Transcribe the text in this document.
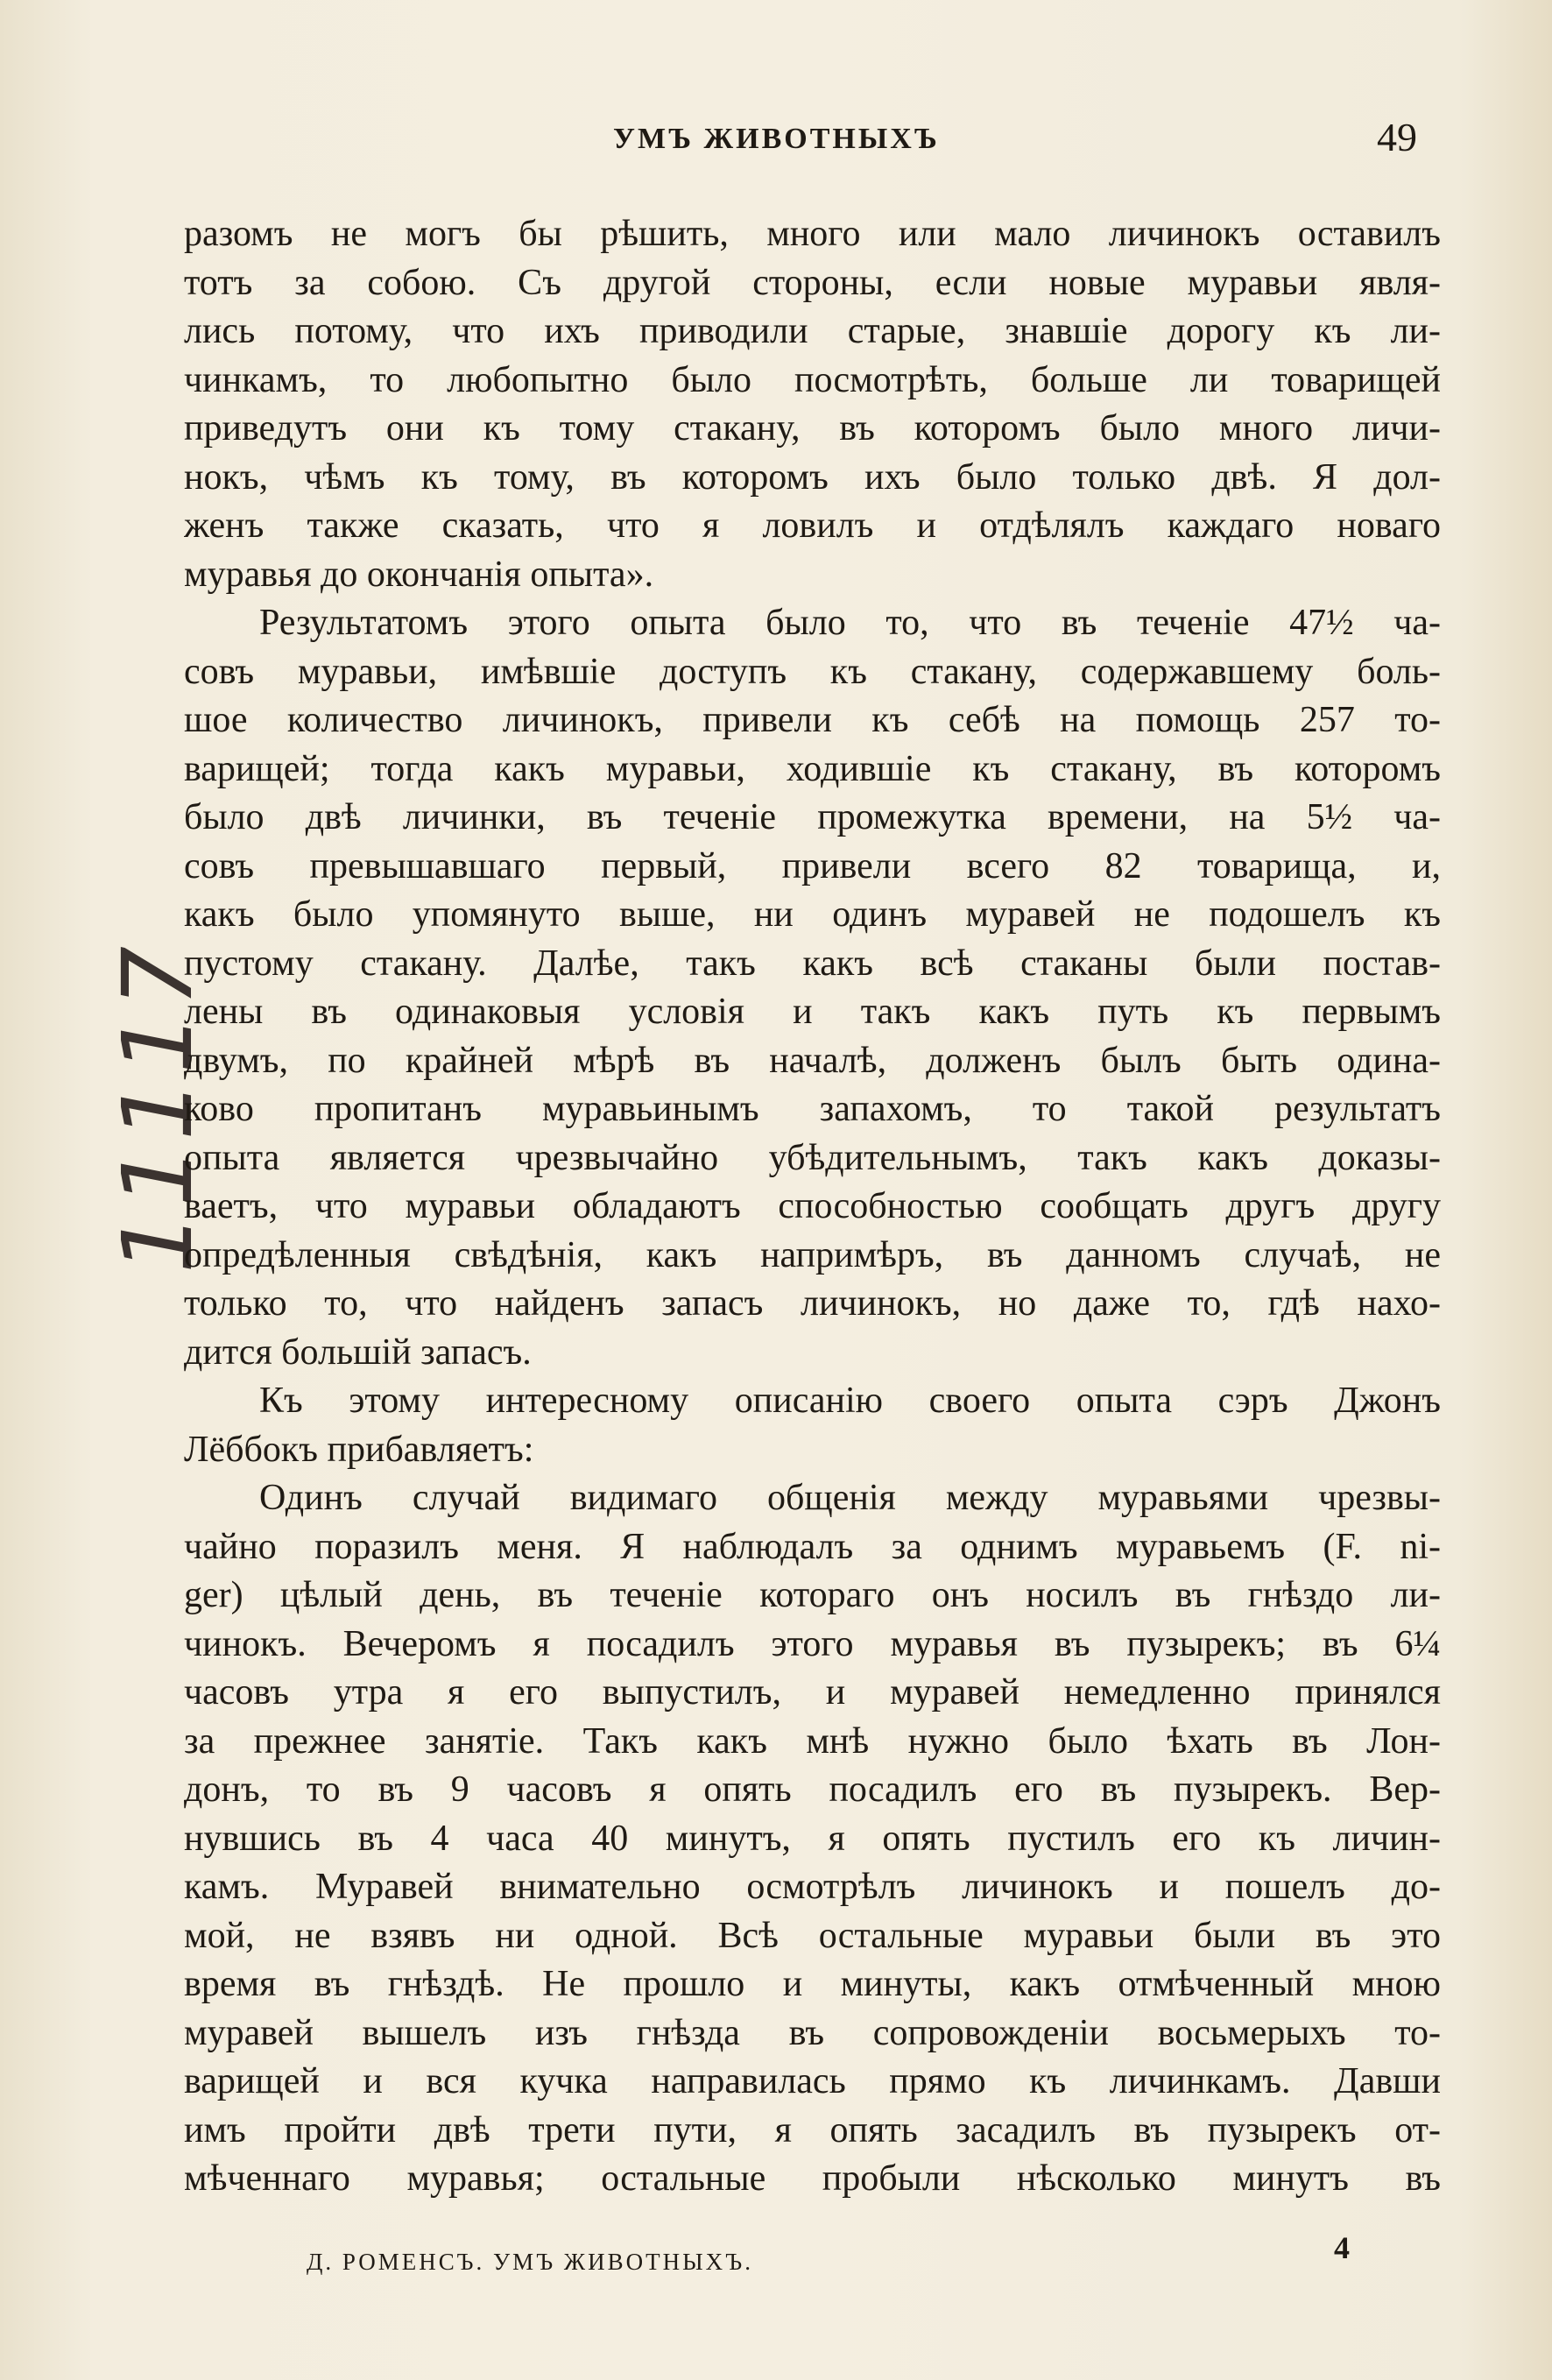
УМЪ ЖИВОТНЫХЪ	49
11117
разомъ не могъ бы рѣшить, много или мало личинокъ оставилъ
тотъ за собою. Съ другой стороны, если новые муравьи явля-
лись потому, что ихъ приводили старые, знавшіе дорогу къ ли-
чинкамъ, то любопытно было посмотрѣть, больше ли товарищей
приведутъ они къ тому стакану, въ которомъ было много личи-
нокъ, чѣмъ къ тому, въ которомъ ихъ было только двѣ. Я дол-
женъ также сказать, что я ловилъ и отдѣлялъ каждаго новаго
муравья до окончанія опыта».
Результатомъ этого опыта было то, что въ теченіе 47½ ча-
совъ муравьи, имѣвшіе доступъ къ стакану, содержавшему боль-
шое количество личинокъ, привели къ себѣ на помощь 257 то-
варищей; тогда какъ муравьи, ходившіе къ стакану, въ которомъ
было двѣ личинки, въ теченіе промежутка времени, на 5½ ча-
совъ превышавшаго первый, привели всего 82 товарища, и,
какъ было упомянуто выше, ни одинъ муравей не подошелъ къ
пустому стакану. Далѣе, такъ какъ всѣ стаканы были постав-
лены въ одинаковыя условія и такъ какъ путь къ первымъ
двумъ, по крайней мѣрѣ въ началѣ, долженъ былъ быть одина-
ково пропитанъ муравьинымъ запахомъ, то такой результатъ
опыта является чрезвычайно убѣдительнымъ, такъ какъ доказы-
ваетъ, что муравьи обладаютъ способностью сообщать другъ другу
опредѣленныя свѣдѣнія, какъ напримѣръ, въ данномъ случаѣ, не
только то, что найденъ запасъ личинокъ, но даже то, гдѣ нахо-
дится большій запасъ.
Къ этому интересному описанію своего опыта сэръ Джонъ
Лёббокъ прибавляетъ:
Одинъ случай видимаго общенія между муравьями чрезвы-
чайно поразилъ меня. Я наблюдалъ за однимъ муравьемъ (F. ni-
ger) цѣлый день, въ теченіе котораго онъ носилъ въ гнѣздо ли-
чинокъ. Вечеромъ я посадилъ этого муравья въ пузырекъ; въ 6¼
часовъ утра я его выпустилъ, и муравей немедленно принялся
за прежнее занятіе. Такъ какъ мнѣ нужно было ѣхать въ Лон-
донъ, то въ 9 часовъ я опять посадилъ его въ пузырекъ. Вер-
нувшись въ 4 часа 40 минутъ, я опять пустилъ его къ личин-
камъ. Муравей внимательно осмотрѣлъ личинокъ и пошелъ до-
мой, не взявъ ни одной. Всѣ остальные муравьи были въ это
время въ гнѣздѣ. Не прошло и минуты, какъ отмѣченный мною
муравей вышелъ изъ гнѣзда въ сопровожденіи восьмерыхъ то-
варищей и вся кучка направилась прямо къ личинкамъ. Давши
имъ пройти двѣ трети пути, я опять засадилъ въ пузырекъ от-
мѣченнаго муравья; остальные пробыли нѣсколько минутъ въ
Д. РОМЕНСЪ. УМЪ ЖИВОТНЫХЪ.	4
